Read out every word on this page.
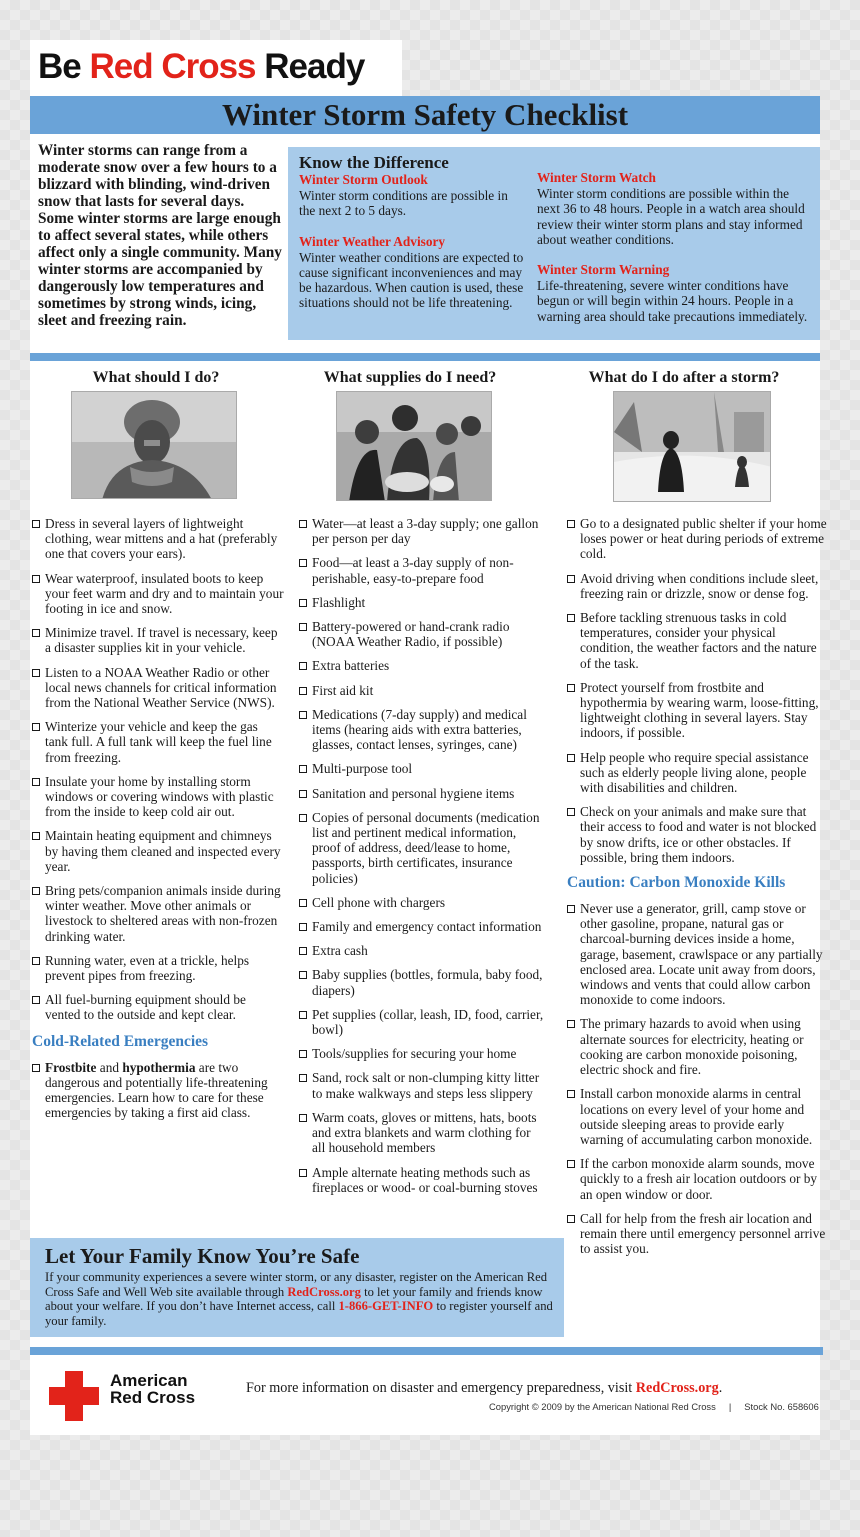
Be Red Cross Ready
Winter Storm Safety Checklist
Winter storms can range from a moderate snow over a few hours to a blizzard with blinding, wind-driven snow that lasts for several days. Some winter storms are large enough to affect several states, while others affect only a single community. Many winter storms are accompanied by dangerously low temperatures and sometimes by strong winds, icing, sleet and freezing rain.
Know the Difference
Winter Storm Outlook
Winter storm conditions are possible in the next 2 to 5 days.
Winter Weather Advisory
Winter weather conditions are expected to cause significant inconveniences and may be hazardous. When caution is used, these situations should not be life threatening.
Winter Storm Watch
Winter storm conditions are possible within the next 36 to 48 hours. People in a watch area should review their winter storm plans and stay informed about weather conditions.
Winter Storm Warning
Life-threatening, severe winter conditions have begun or will begin within 24 hours. People in a warning area should take precautions immediately.
What should I do?	What supplies do I need?	What do I do after a storm?
Dress in several layers of lightweight clothing, wear mittens and a hat (preferably one that covers your ears).
Wear waterproof, insulated boots to keep your feet warm and dry and to maintain your footing in ice and snow.
Minimize travel. If travel is necessary, keep a disaster supplies kit in your vehicle.
Listen to a NOAA Weather Radio or other local news channels for critical information from the National Weather Service (NWS).
Winterize your vehicle and keep the gas tank full. A full tank will keep the fuel line from freezing.
Insulate your home by installing storm windows or covering windows with plastic from the inside to keep cold air out.
Maintain heating equipment and chimneys by having them cleaned and inspected every year.
Bring pets/companion animals inside during winter weather. Move other animals or livestock to sheltered areas with non-frozen drinking water.
Running water, even at a trickle, helps prevent pipes from freezing.
All fuel-burning equipment should be vented to the outside and kept clear.
Cold-Related Emergencies
Frostbite and hypothermia are two dangerous and potentially life-threatening emergencies. Learn how to care for these emergencies by taking a first aid class.
Water—at least a 3-day supply; one gallon per person per day
Food—at least a 3-day supply of non-perishable, easy-to-prepare food
Flashlight
Battery-powered or hand-crank radio (NOAA Weather Radio, if possible)
Extra batteries
First aid kit
Medications (7-day supply) and medical items (hearing aids with extra batteries, glasses, contact lenses, syringes, cane)
Multi-purpose tool
Sanitation and personal hygiene items
Copies of personal documents (medication list and pertinent medical information, proof of address, deed/lease to home, passports, birth certificates, insurance policies)
Cell phone with chargers
Family and emergency contact information
Extra cash
Baby supplies (bottles, formula, baby food, diapers)
Pet supplies (collar, leash, ID, food, carrier, bowl)
Tools/supplies for securing your home
Sand, rock salt or non-clumping kitty litter to make walkways and steps less slippery
Warm coats, gloves or mittens, hats, boots and extra blankets and warm clothing for all household members
Ample alternate heating methods such as fireplaces or wood- or coal-burning stoves
Go to a designated public shelter if your home loses power or heat during periods of extreme cold.
Avoid driving when conditions include sleet, freezing rain or drizzle, snow or dense fog.
Before tackling strenuous tasks in cold temperatures, consider your physical condition, the weather factors and the nature of the task.
Protect yourself from frostbite and hypothermia by wearing warm, loose-fitting, lightweight clothing in several layers. Stay indoors, if possible.
Help people who require special assistance such as elderly people living alone, people with disabilities and children.
Check on your animals and make sure that their access to food and water is not blocked by snow drifts, ice or other obstacles. If possible, bring them indoors.
Caution: Carbon Monoxide Kills
Never use a generator, grill, camp stove or other gasoline, propane, natural gas or charcoal-burning devices inside a home, garage, basement, crawlspace or any partially enclosed area. Locate unit away from doors, windows and vents that could allow carbon monoxide to come indoors.
The primary hazards to avoid when using alternate sources for electricity, heating or cooking are carbon monoxide poisoning, electric shock and fire.
Install carbon monoxide alarms in central locations on every level of your home and outside sleeping areas to provide early warning of accumulating carbon monoxide.
If the carbon monoxide alarm sounds, move quickly to a fresh air location outdoors or by an open window or door.
Call for help from the fresh air location and remain there until emergency personnel arrive to assist you.
Let Your Family Know You’re Safe
If your community experiences a severe winter storm, or any disaster, register on the American Red Cross Safe and Well Web site available through RedCross.org to let your family and friends know about your welfare. If you don’t have Internet access, call 1-866-GET-INFO to register yourself and your family.
American
Red Cross	For more information on disaster and emergency preparedness, visit RedCross.org.
Copyright © 2009 by the American National Red Cross     |     Stock No. 658606
